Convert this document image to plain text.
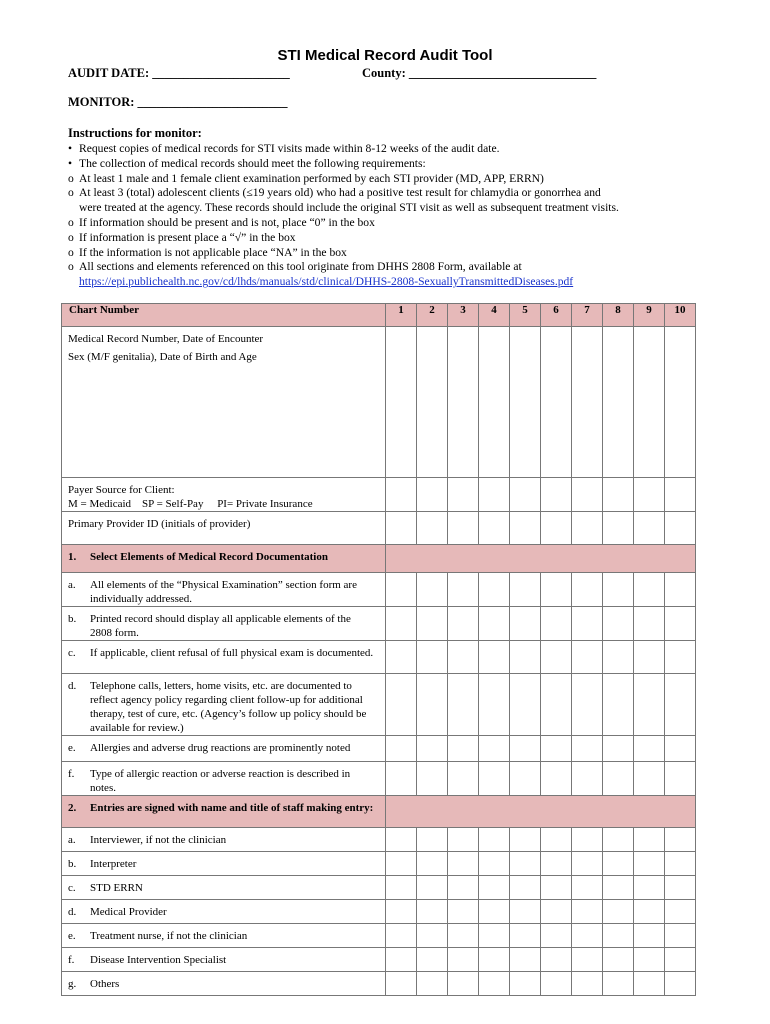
STI Medical Record Audit Tool
AUDIT DATE: ______________________	County: ______________________________
MONITOR: ________________________
Instructions for monitor:
• Request copies of medical records for STI visits made within 8-12 weeks of the audit date.
• The collection of medical records should meet the following requirements:
o At least 1 male and 1 female client examination performed by each STI provider (MD, APP, ERRN)
o At least 3 (total) adolescent clients (≤19 years old) who had a positive test result for chlamydia or gonorrhea and
were treated at the agency. These records should include the original STI visit as well as subsequent treatment visits.
o If information should be present and is not, place “0” in the box
o If information is present place a “√” in the box
o If the information is not applicable place “NA” in the box
o All sections and elements referenced on this tool originate from DHHS 2808 Form, available at
https://epi.publichealth.nc.gov/cd/lhds/manuals/std/clinical/DHHS-2808-SexuallyTransmittedDiseases.pdf
Chart Number	1	2	3	4	5	6	7	8	9	10

Medical Record Number, Date of Encounter
Sex (M/F genitalia), Date of Birth and Age										

Payer Source for Client:
M = Medicaid    SP = Self-Pay     PI= Private Insurance										

Primary Provider ID (initials of provider)										
1. Select Elements of Medical Record Documentation										
a. All elements of the “Physical Examination” section form are individually addressed.										
b. Printed record should display all applicable elements of the 2808 form.										
c. If applicable, client refusal of full physical exam is documented.										
d. Telephone calls, letters, home visits, etc. are documented to reflect agency policy regarding client follow-up for additional therapy, test of cure, etc. (Agency’s follow up policy should be available for review.)										
e. Allergies and adverse drug reactions are prominently noted										
f. Type of allergic reaction or adverse reaction is described in notes.										
2. Entries are signed with name and title of staff making entry:										
a. Interviewer, if not the clinician										
b. Interpreter										
c. STD ERRN										
d. Medical Provider										
e. Treatment nurse, if not the clinician										
f. Disease Intervention Specialist										
g. Others										
